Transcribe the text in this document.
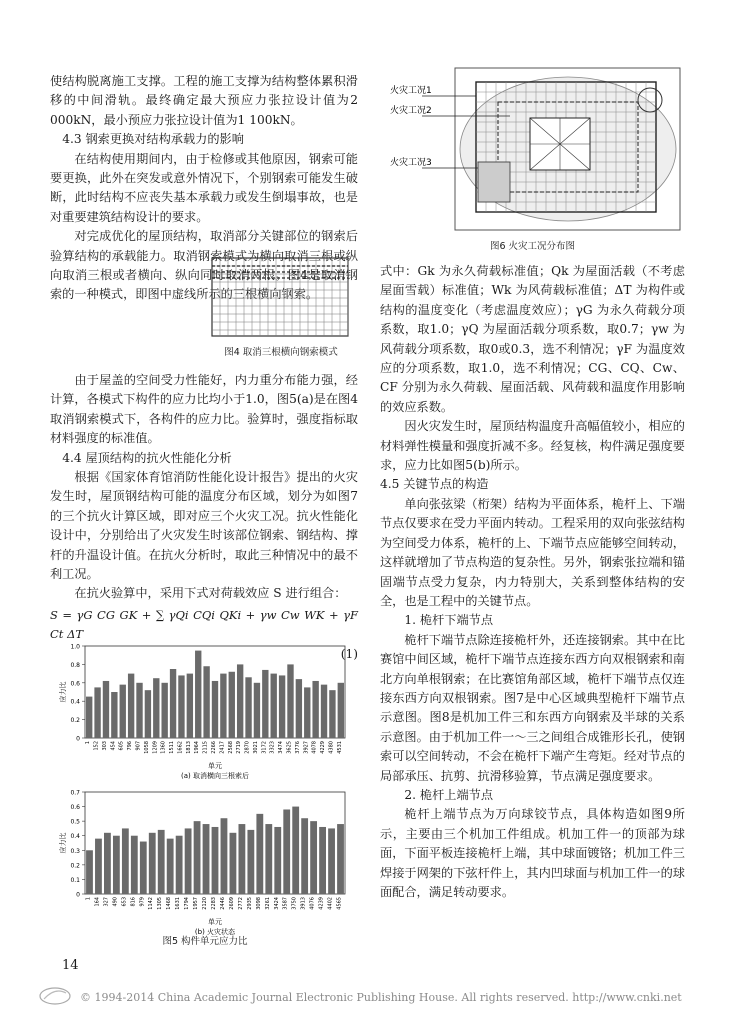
使结构脱离施工支撑。工程的施工支撑为结构整体累积滑移的中间滑轨。最终确定最大预应力张拉设计值为2 000kN，最小预应力张拉设计值为1 100kN。

4.3 钢索更换对结构承载力的影响

在结构使用期间内，由于检修或其他原因，钢索可能要更换，此外在突发或意外情况下，个别钢索可能发生破断，此时结构不应丧失基本承载力或发生倒塌事故，也是对重要建筑结构设计的要求。

对完成优化的屋顶结构，取消部分关键部位的钢索后验算结构的承载能力。取消钢索模式为横向取消三根或纵向取消三根或者横向、纵向同时取消两根。图4是取消钢索的一种模式，即图中虚线所示的三根横向钢索。

图4 取消三根横向钢索模式

由于屋盖的空间受力性能好，内力重分布能力强，经计算，各模式下构件的应力比均小于1.0，图5(a)是在图4取消钢索模式下，各构件的应力比。验算时，强度指标取材料强度的标准值。

4.4 屋顶结构的抗火性能化分析

根据《国家体育馆消防性能化设计报告》提出的火灾发生时，屋顶钢结构可能的温度分布区域，划分为如图7的三个抗火计算区域，即对应三个火灾工况。抗火性能化设计中，分别给出了火灾发生时该部位钢索、钢结构、撑杆的升温设计值。在抗火分析时，取此三种情况中的最不利工况。

在抗火验算中，采用下式对荷载效应 S 进行组合：

S = γG CG GK + ∑ γQi CQi QKi + γw Cw WK + γF Ct ΔT

(1)

1.0
0.8
0.6
0.4
0.2
0
应力比
1 152 303 454 605 796 907 1058 1209 1360 1511 1662 1813 1964 2115 2266 2417 2568 2719 2870 3021 3172 3323 3474 3625 3776 3927 4078 4229 4380 4531
单元
(a) 取消横向三根索后
0.7
0.6
0.5
0.4
0.3
0.2
0.1
0
应力比
1 164 327 490 653 816 979 1142 1305 1468 1631 1794 1957 2120 2283 2446 2609 2772 2935 3098 3261 3424 3587 3750 3913 4076 4239 4402 4565
单元
(b) 火灾状态
图5 构件单元应力比
火灾工况1
火灾工况2
火灾工况3
图6 火灾工况分布图

式中：Gk 为永久荷载标准值；Qk 为屋面活载（不考虑屋面雪载）标准值；Wk 为风荷载标准值；ΔT 为构件或结构的温度变化（考虑温度效应）；γG 为永久荷载分项系数，取1.0；γQ 为屋面活载分项系数，取0.7；γw 为风荷载分项系数，取0或0.3，选不利情况；γF 为温度效应的分项系数，取1.0，选不利情况；CG、CQ、Cw、CF 分别为永久荷载、屋面活载、风荷载和温度作用影响的效应系数。

因火灾发生时，屋顶结构温度升高幅值较小，相应的材料弹性模量和强度折减不多。经复核，构件满足强度要求，应力比如图5(b)所示。

4.5 关键节点的构造

单向张弦梁（桁架）结构为平面体系，桅杆上、下端节点仅要求在受力平面内转动。工程采用的双向张弦结构为空间受力体系，桅杆的上、下端节点应能够空间转动，这样就增加了节点构造的复杂性。另外，钢索张拉端和锚固端节点受力复杂，内力特别大，关系到整体结构的安全，也是工程中的关键节点。

1. 桅杆下端节点

桅杆下端节点除连接桅杆外，还连接钢索。其中在比赛馆中间区域，桅杆下端节点连接东西方向双根钢索和南北方向单根钢索；在比赛馆角部区域，桅杆下端节点仅连接东西方向双根钢索。图7是中心区域典型桅杆下端节点示意图。图8是机加工件三和东西方向钢索及半球的关系示意图。由于机加工件一～三之间组合成锥形长孔，使钢索可以空间转动，不会在桅杆下端产生弯矩。经对节点的局部承压、抗剪、抗滑移验算，节点满足强度要求。

2. 桅杆上端节点

桅杆上端节点为万向球铰节点，具体构造如图9所示，主要由三个机加工件组成。机加工件一的顶部为球面，下面平板连接桅杆上端，其中球面镀铬；机加工件三焊接于网架的下弦杆件上，其内凹球面与机加工件一的球面配合，满足转动要求。

14
© 1994-2014 China Academic Journal Electronic Publishing House. All rights reserved. http://www.cnki.net
